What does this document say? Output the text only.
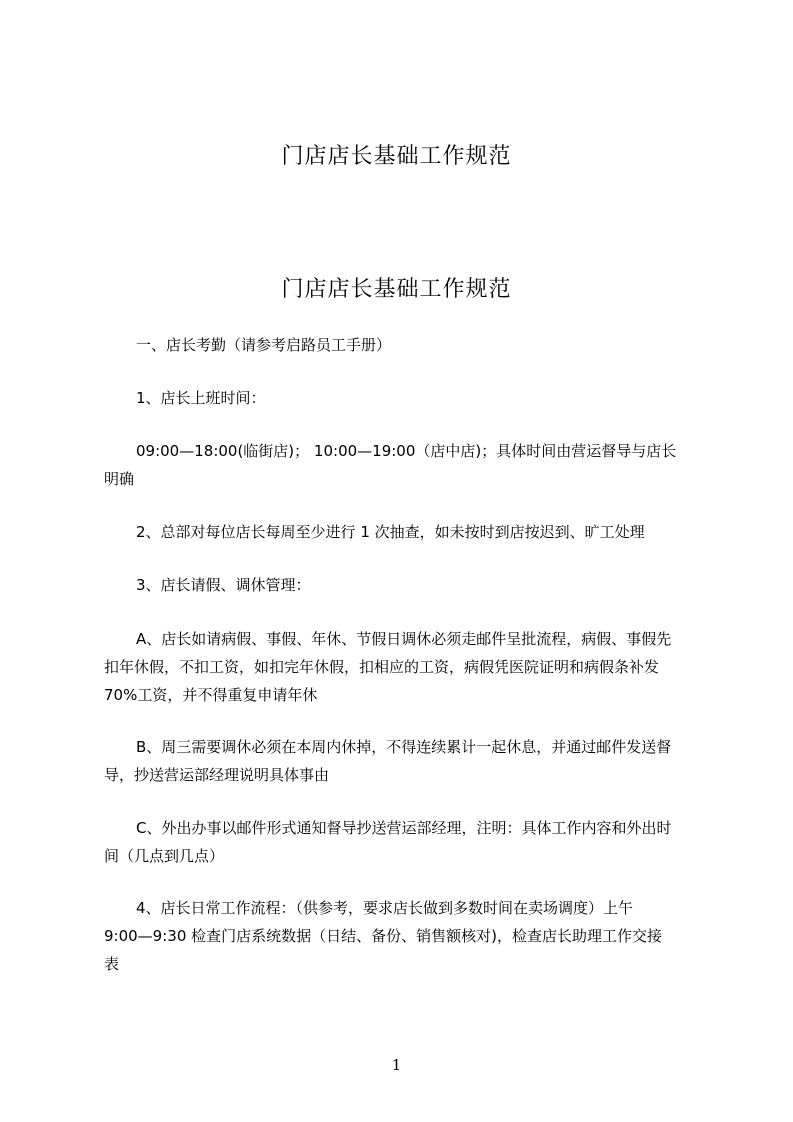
门店店长基础工作规范
门店店长基础工作规范

一、店长考勤（请参考启路员工手册）

1、店长上班时间：

09:00—18:00(临街店)； 10:00—19:00（店中店)；具体时间由营运督导与店长
明确

2、总部对每位店长每周至少进行 1 次抽查，如未按时到店按迟到、旷工处理

3、店长请假、调休管理：

A、店长如请病假、事假、年休、节假日调休必须走邮件呈批流程，病假、事假先
扣年休假，不扣工资，如扣完年休假，扣相应的工资，病假凭医院证明和病假条补发
70%工资，并不得重复申请年休

B、周三需要调休必须在本周内休掉，不得连续累计一起休息，并通过邮件发送督
导，抄送营运部经理说明具体事由

C、外出办事以邮件形式通知督导抄送营运部经理，注明：具体工作内容和外出时
间（几点到几点）

4、店长日常工作流程：（供参考，要求店长做到多数时间在卖场调度）上午
9:00—9:30 检查门店系统数据（日结、备份、销售额核对)，检查店长助理工作交接
表

1
